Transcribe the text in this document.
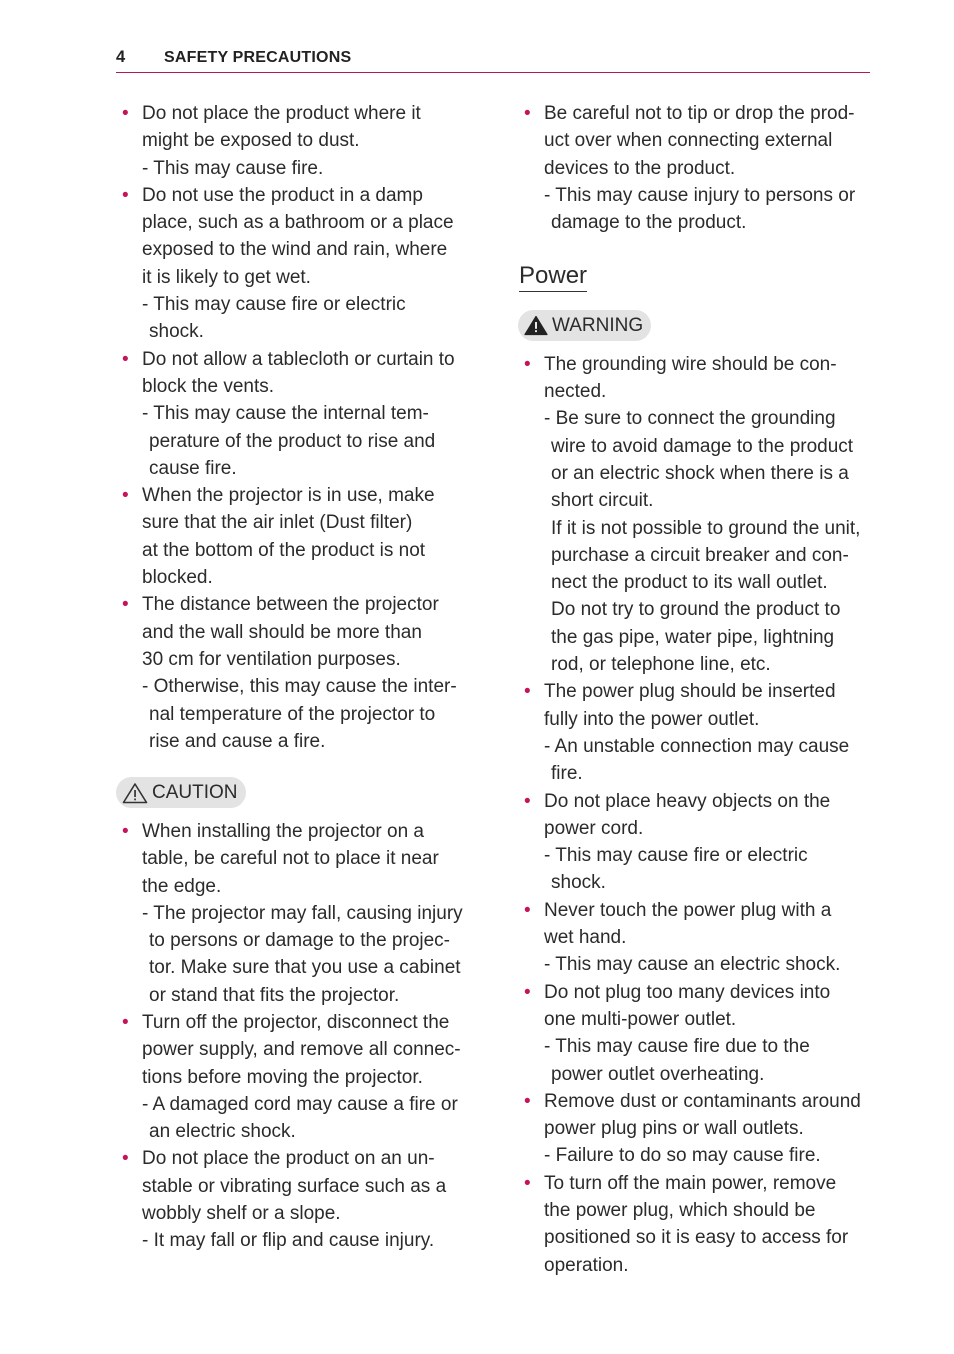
4 SAFETY PRECAUTIONS
• Do not place the product where it
might be exposed to dust.
- This may cause fire.
• Do not use the product in a damp
place, such as a bathroom or a place
exposed to the wind and rain, where
it is likely to get wet.
- This may cause fire or electric
shock.
• Do not allow a tablecloth or curtain to
block the vents.
- This may cause the internal tem-
perature of the product to rise and
cause fire.
• When the projector is in use, make
sure that the air inlet (Dust filter)
at the bottom of the product is not
blocked.
• The distance between the projector
and the wall should be more than
30 cm for ventilation purposes.
- Otherwise, this may cause the inter-
nal temperature of the projector to
rise and cause a fire.
CAUTION
• When installing the projector on a
table, be careful not to place it near
the edge.
- The projector may fall, causing injury
to persons or damage to the projec-
tor. Make sure that you use a cabinet
or stand that fits the projector.
• Turn off the projector, disconnect the
power supply, and remove all connec-
tions before moving the projector.
- A damaged cord may cause a fire or
an electric shock.
• Do not place the product on an un-
stable or vibrating surface such as a
wobbly shelf or a slope.
- It may fall or flip and cause injury.
• Be careful not to tip or drop the prod-
uct over when connecting external
devices to the product.
- This may cause injury to persons or
damage to the product.
Power
WARNING
• The grounding wire should be con-
nected.
- Be sure to connect the grounding
wire to avoid damage to the product
or an electric shock when there is a
short circuit.
If it is not possible to ground the unit,
purchase a circuit breaker and con-
nect the product to its wall outlet.
Do not try to ground the product to
the gas pipe, water pipe, lightning
rod, or telephone line, etc.
• The power plug should be inserted
fully into the power outlet.
- An unstable connection may cause
fire.
• Do not place heavy objects on the
power cord.
- This may cause fire or electric
shock.
• Never touch the power plug with a
wet hand.
- This may cause an electric shock.
• Do not plug too many devices into
one multi-power outlet.
- This may cause fire due to the
power outlet overheating.
• Remove dust or contaminants around
power plug pins or wall outlets.
- Failure to do so may cause fire.
• To turn off the main power, remove
the power plug, which should be
positioned so it is easy to access for
operation.
